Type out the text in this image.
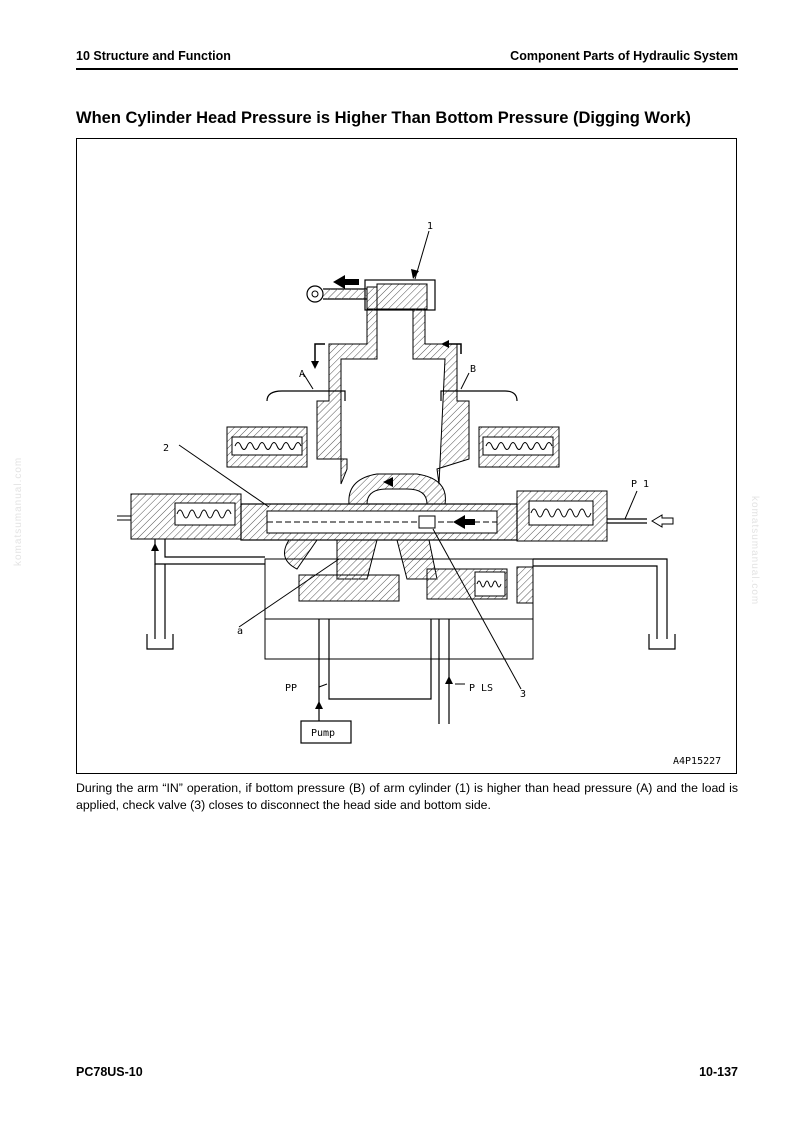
10 Structure and Function	Component Parts of Hydraulic System
When Cylinder Head Pressure is Higher Than Bottom Pressure (Digging Work)
1
2
3
A	B
a
P 1
PP	P LS
Pump
A4P15227
During the arm “IN” operation, if bottom pressure (B) of arm cylinder (1) is higher than head pressure (A) and the load is applied, check valve (3) closes to disconnect the head side and bottom side.
komatsumanual.com	komatsumanual.com
PC78US-10	10-137
